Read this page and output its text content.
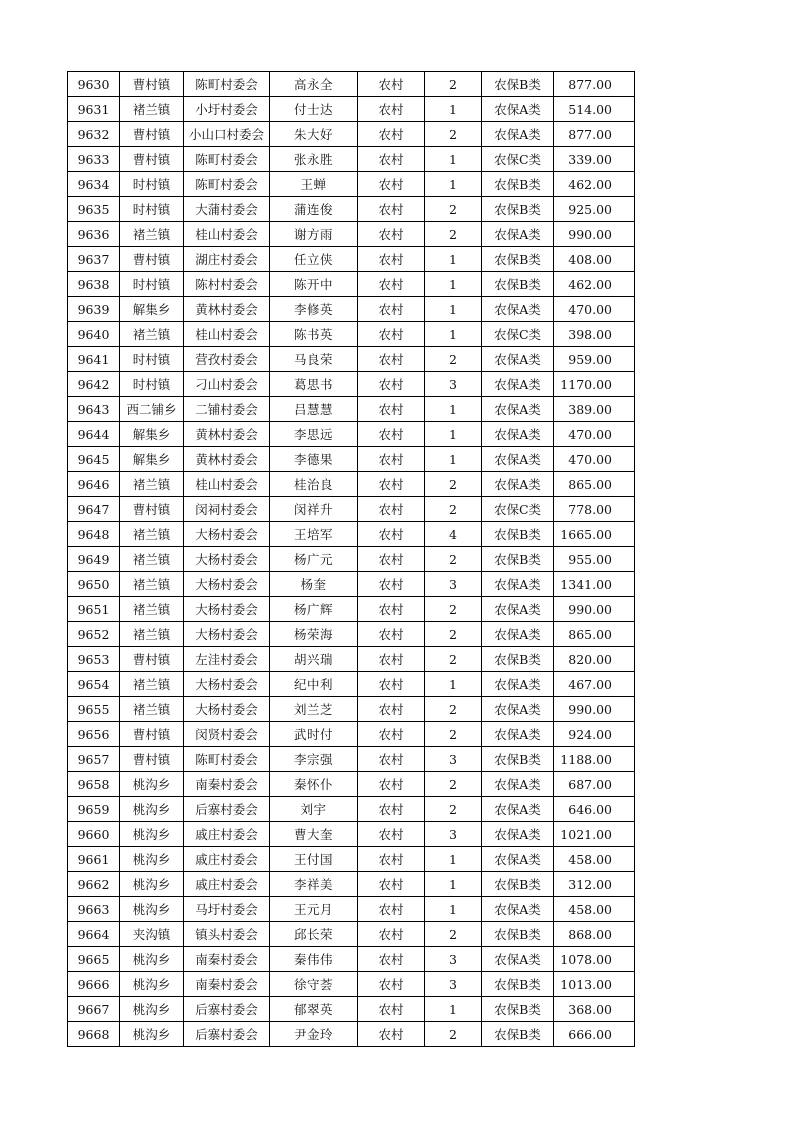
9630	曹村镇	陈町村委会	高永全	农村	2	农保B类	877.00
9631	褚兰镇	小圩村委会	付士达	农村	1	农保A类	514.00
9632	曹村镇	小山口村委会	朱大好	农村	2	农保A类	877.00
9633	曹村镇	陈町村委会	张永胜	农村	1	农保C类	339.00
9634	时村镇	陈町村委会	王蝉	农村	1	农保B类	462.00
9635	时村镇	大蒲村委会	蒲连俊	农村	2	农保B类	925.00
9636	褚兰镇	桂山村委会	谢方雨	农村	2	农保A类	990.00
9637	曹村镇	湖庄村委会	任立侠	农村	1	农保B类	408.00
9638	时村镇	陈村村委会	陈开中	农村	1	农保B类	462.00
9639	解集乡	黄林村委会	李修英	农村	1	农保A类	470.00
9640	褚兰镇	桂山村委会	陈书英	农村	1	农保C类	398.00
9641	时村镇	营孜村委会	马良荣	农村	2	农保A类	959.00
9642	时村镇	刁山村委会	葛思书	农村	3	农保A类	1170.00
9643	西二铺乡	二铺村委会	吕慧慧	农村	1	农保A类	389.00
9644	解集乡	黄林村委会	李思远	农村	1	农保A类	470.00
9645	解集乡	黄林村委会	李德果	农村	1	农保A类	470.00
9646	褚兰镇	桂山村委会	桂治良	农村	2	农保A类	865.00
9647	曹村镇	闵祠村委会	闵祥升	农村	2	农保C类	778.00
9648	褚兰镇	大杨村委会	王培军	农村	4	农保B类	1665.00
9649	褚兰镇	大杨村委会	杨广元	农村	2	农保B类	955.00
9650	褚兰镇	大杨村委会	杨奎	农村	3	农保A类	1341.00
9651	褚兰镇	大杨村委会	杨广辉	农村	2	农保A类	990.00
9652	褚兰镇	大杨村委会	杨荣海	农村	2	农保A类	865.00
9653	曹村镇	左洼村委会	胡兴瑞	农村	2	农保B类	820.00
9654	褚兰镇	大杨村委会	纪中利	农村	1	农保A类	467.00
9655	褚兰镇	大杨村委会	刘兰芝	农村	2	农保A类	990.00
9656	曹村镇	闵贤村委会	武时付	农村	2	农保A类	924.00
9657	曹村镇	陈町村委会	李宗强	农村	3	农保B类	1188.00
9658	桃沟乡	南秦村委会	秦怀仆	农村	2	农保A类	687.00
9659	桃沟乡	后寨村委会	刘宇	农村	2	农保A类	646.00
9660	桃沟乡	戚庄村委会	曹大奎	农村	3	农保A类	1021.00
9661	桃沟乡	戚庄村委会	王付国	农村	1	农保A类	458.00
9662	桃沟乡	戚庄村委会	李祥美	农村	1	农保B类	312.00
9663	桃沟乡	马圩村委会	王元月	农村	1	农保A类	458.00
9664	夹沟镇	镇头村委会	邱长荣	农村	2	农保B类	868.00
9665	桃沟乡	南秦村委会	秦伟伟	农村	3	农保A类	1078.00
9666	桃沟乡	南秦村委会	徐守荟	农村	3	农保B类	1013.00
9667	桃沟乡	后寨村委会	郁翠英	农村	1	农保B类	368.00
9668	桃沟乡	后寨村委会	尹金玲	农村	2	农保B类	666.00
